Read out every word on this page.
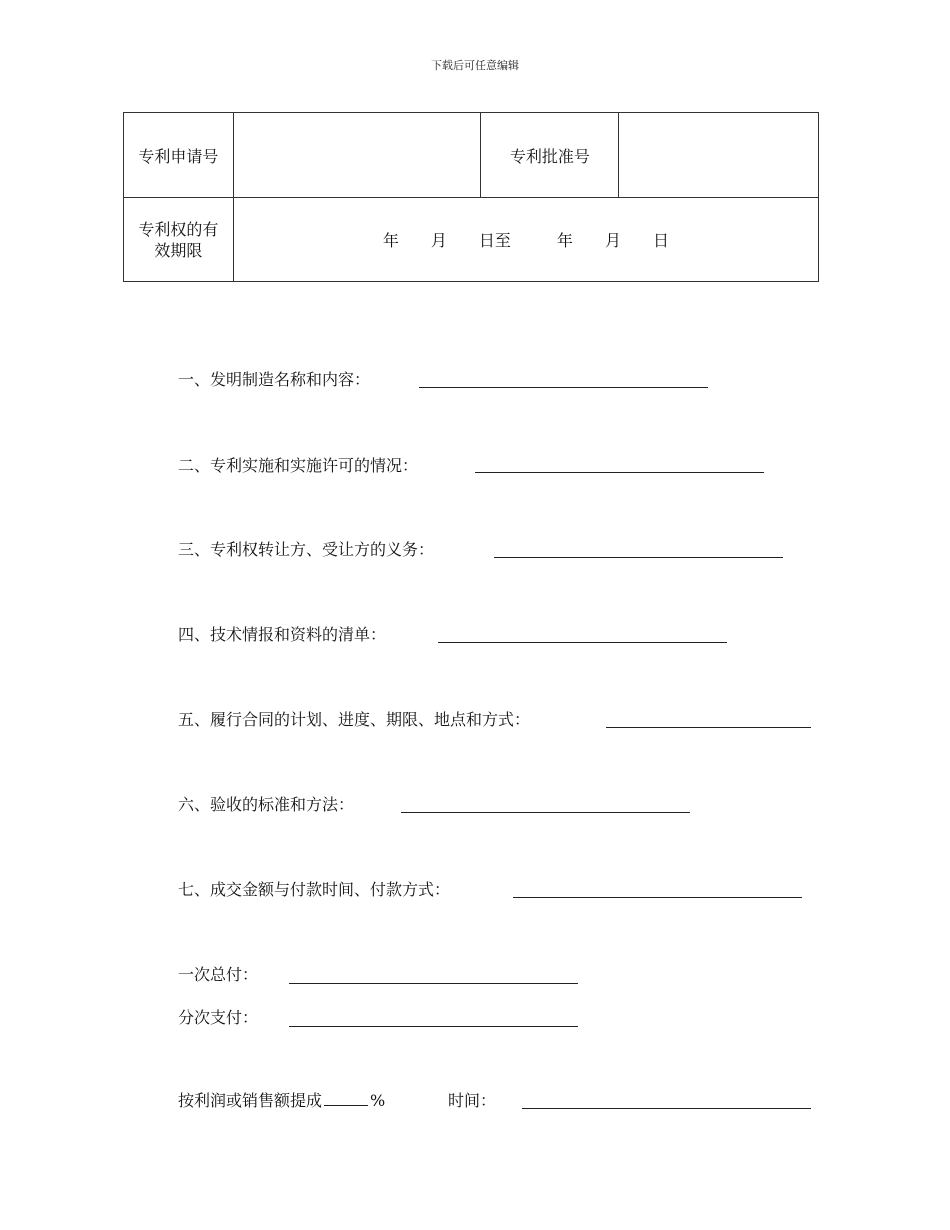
下载后可任意编辑
专利申请号		专利批准号	

专利权的有
效期限	年 月 日至 年 月 日		
一、发明制造名称和内容：
二、专利实施和实施许可的情况：
三、专利权转让方、受让方的义务：
四、技术情报和资料的清单：
五、履行合同的计划、进度、期限、地点和方式：
六、验收的标准和方法：
七、成交金额与付款时间、付款方式：
一次总付：
分次支付：
按利润或销售额提成	%	时间：
